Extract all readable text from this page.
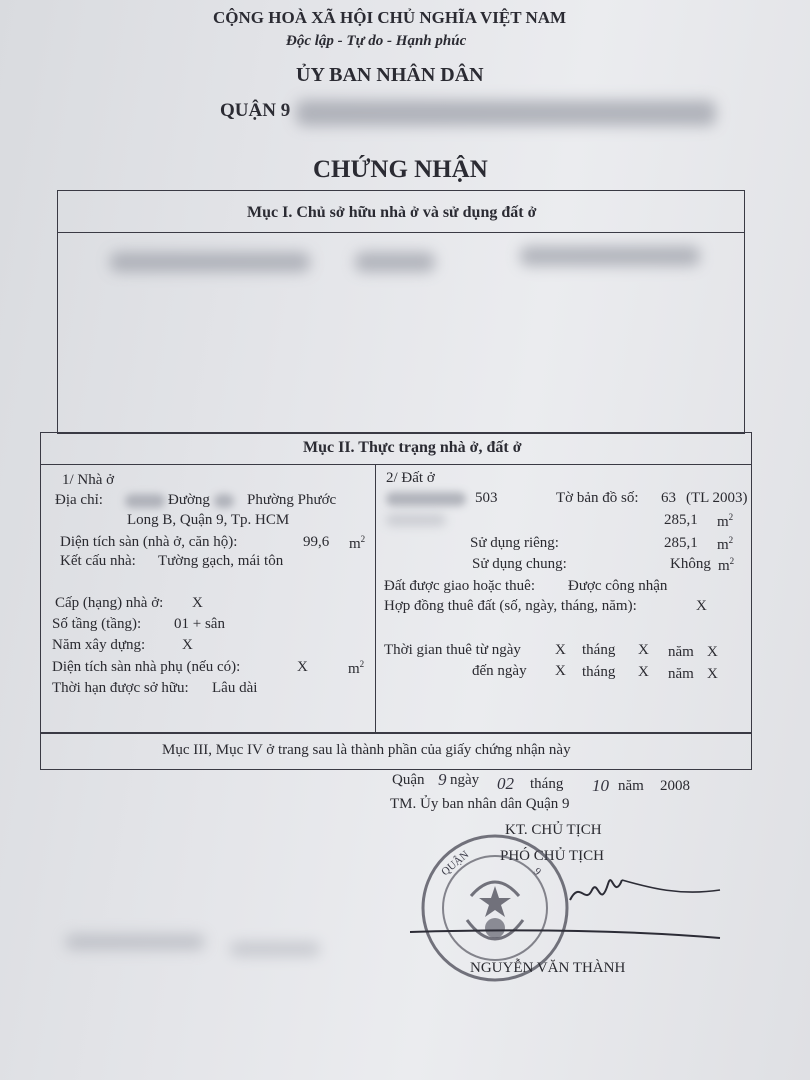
CỘNG HOÀ XÃ HỘI CHỦ NGHĨA VIỆT NAM
Độc lập - Tự do - Hạnh phúc
ỦY BAN NHÂN DÂN
QUẬN 9
CHỨNG NHẬN
Mục I. Chủ sở hữu nhà ở và sử dụng đất ở
Mục II. Thực trạng nhà ở, đất ở
1/ Nhà ở
Địa chỉ:	Đường Phường Phước
Long B, Quận 9, Tp. HCM
Diện tích sàn (nhà ở, căn hộ):	99,6 $m^2$
Kết cấu nhà: Tường gạch, mái tôn
Cấp (hạng) nhà ở: X
Số tầng (tầng): 01 + sân
Năm xây dựng: X
Diện tích sàn nhà phụ (nếu có):	X	$m^2$
Thời hạn được sở hữu: Lâu dài
2/ Đất ở
503	Tờ bản đồ số: 63 (TL 2003)
285,1 $m^2$
Sử dụng riêng:	285,1 $m^2$
Sử dụng chung:	Không $m^2$
Đất được giao hoặc thuê: Được công nhận
Hợp đồng thuê đất (số, ngày, tháng, năm):	X
Thời gian thuê từ ngày X tháng X năm X
đến ngày X tháng X năm X
Mục III, Mục IV ở trang sau là thành phần của giấy chứng nhận này
Quận 9 ngày 02 tháng 10 năm 2008
TM. Ủy ban nhân dân Quận 9
KT. CHỦ TỊCH
PHÓ CHỦ TỊCH
QUẬN	9
NGUYỄN VĂN THÀNH
